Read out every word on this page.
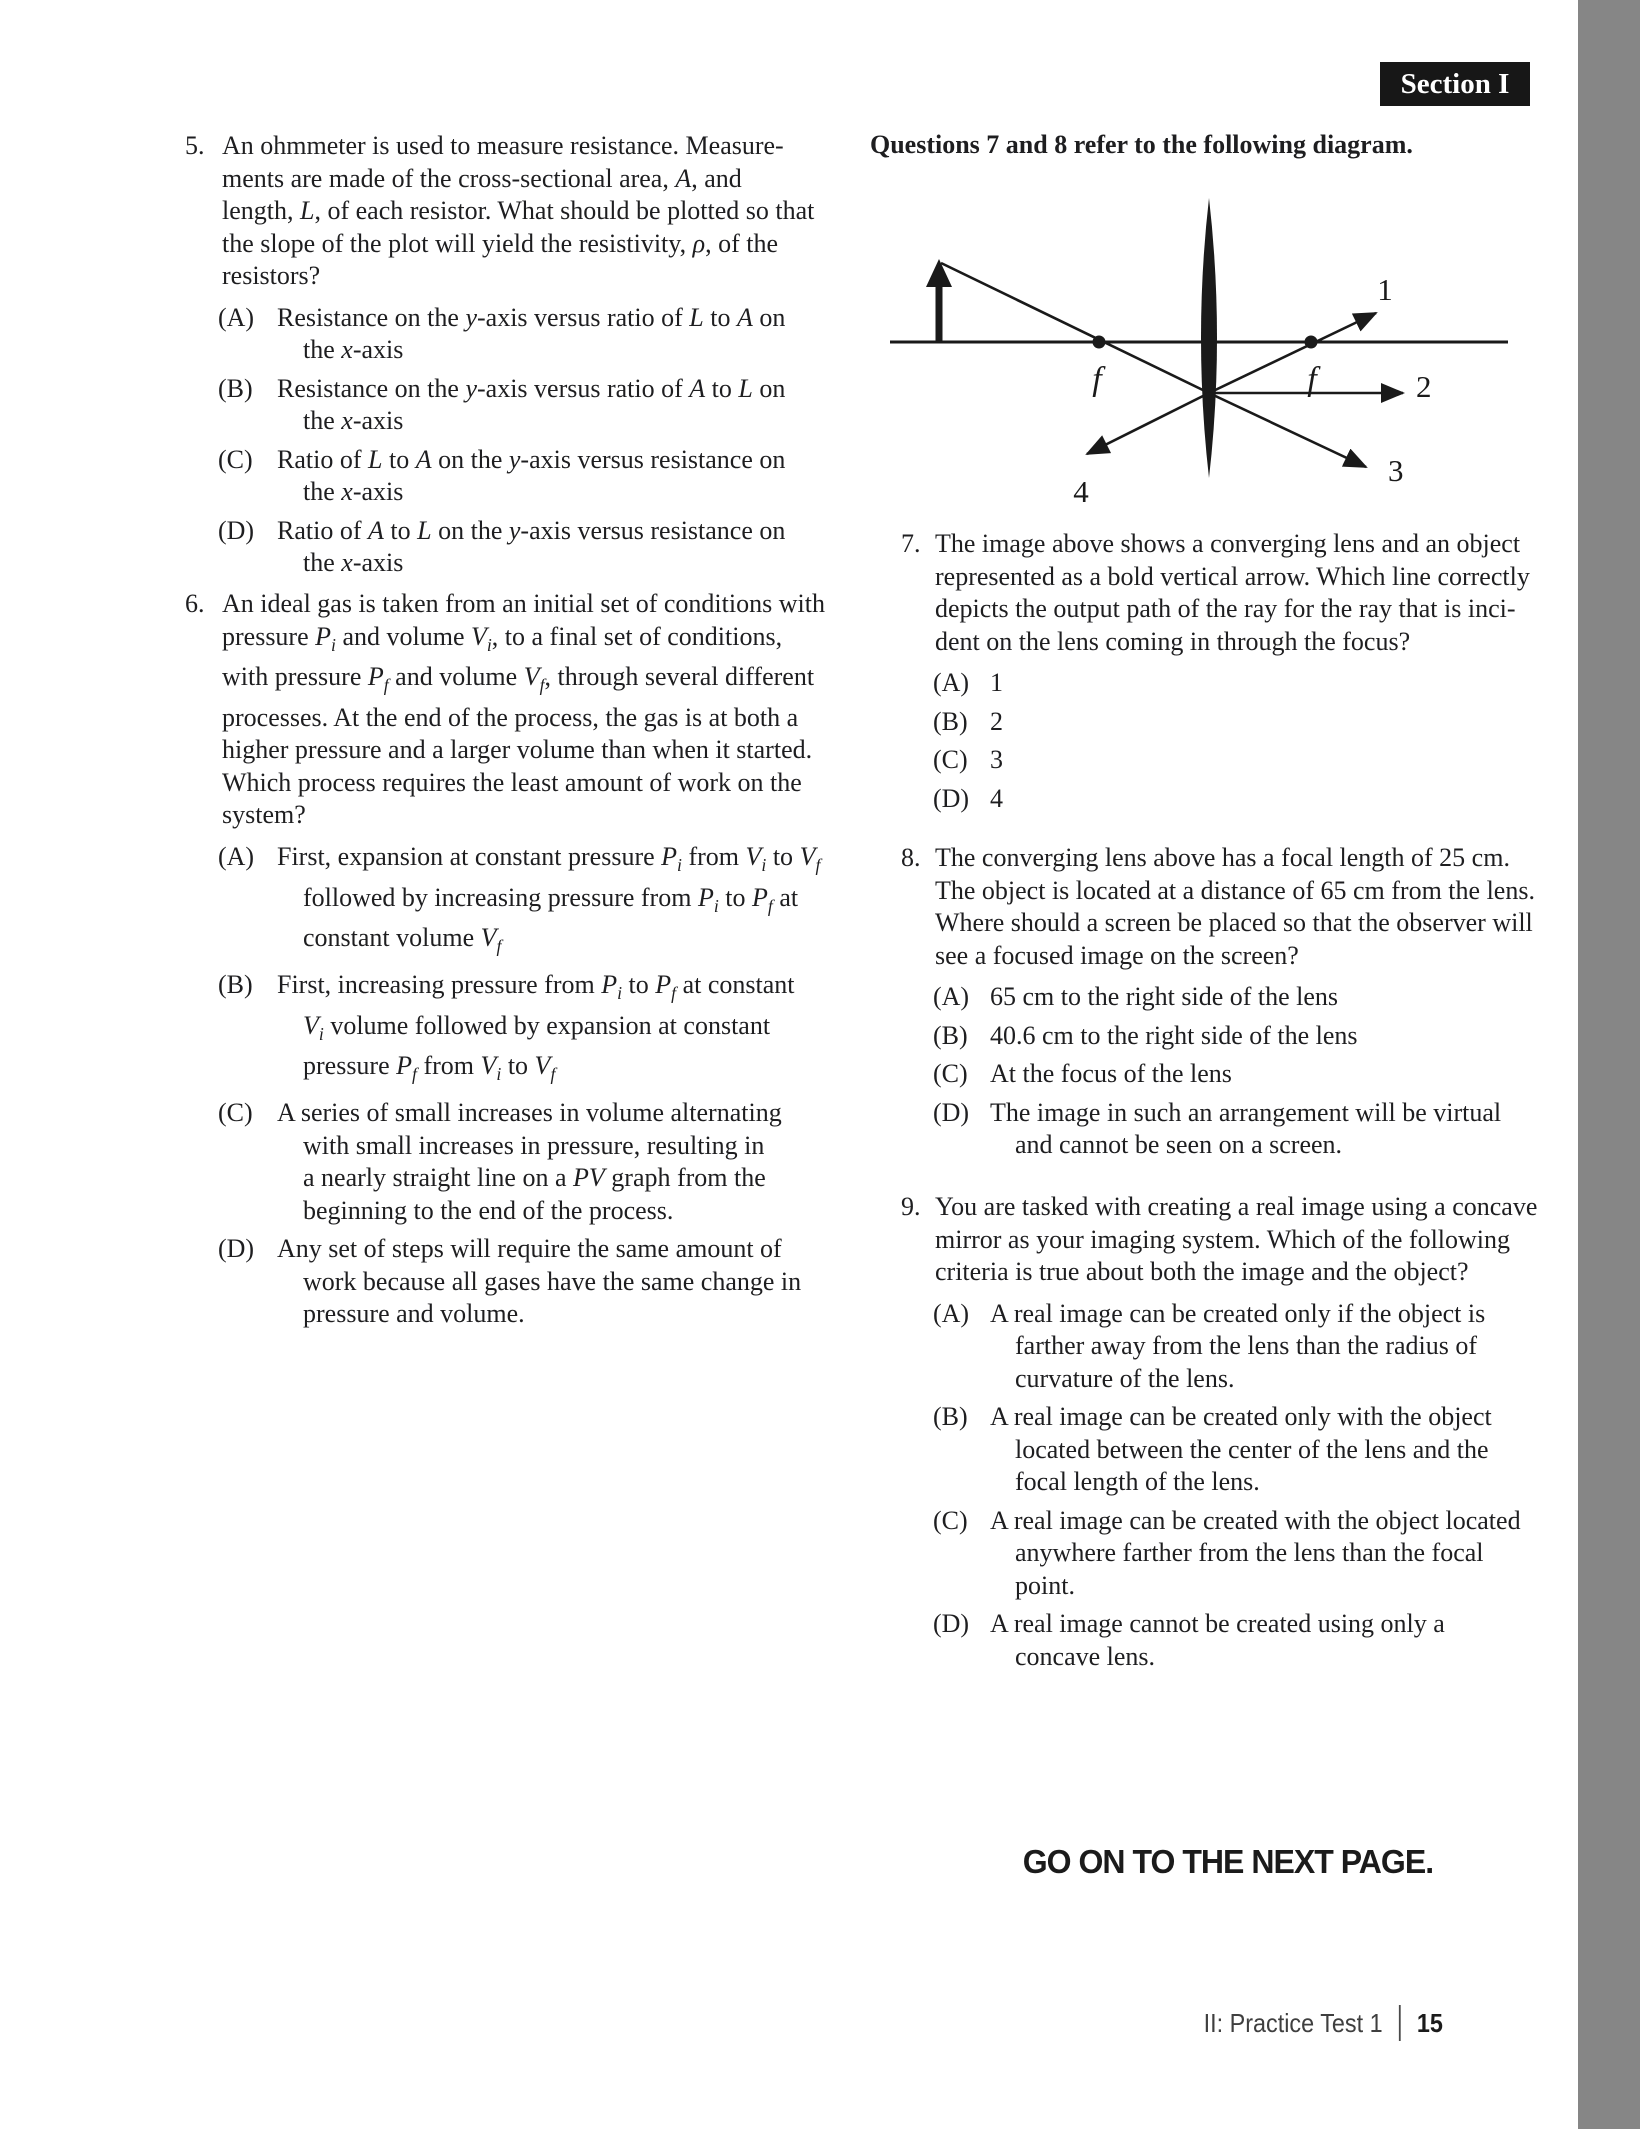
Section I
5. An ohmmeter is used to measure resistance. Measure-
ments are made of the cross-sectional area, A, and
length, L, of each resistor. What should be plotted so that
the slope of the plot will yield the resistivity, ρ, of the
resistors?
(A) Resistance on the y-axis versus ratio of L to A on
the x-axis
(B) Resistance on the y-axis versus ratio of A to L on
the x-axis
(C) Ratio of L to A on the y-axis versus resistance on
the x-axis
(D) Ratio of A to L on the y-axis versus resistance on
the x-axis
6. An ideal gas is taken from an initial set of conditions with
pressure $P_i$ and volume $V_i$, to a final set of conditions,
with pressure $P_f$ and volume $V_f$, through several different
processes. At the end of the process, the gas is at both a
higher pressure and a larger volume than when it started.
Which process requires the least amount of work on the
system?
(A) First, expansion at constant pressure $P_i$ from $V_i$ to $V_f$
followed by increasing pressure from $P_i$ to $P_f$ at
constant volume $V_f$
(B) First, increasing pressure from $P_i$ to $P_f$ at constant
$V_i$ volume followed by expansion at constant
pressure $P_f$ from $V_i$ to $V_f$
(C) A series of small increases in volume alternating
with small increases in pressure, resulting in
a nearly straight line on a PV graph from the
beginning to the end of the process.
(D) Any set of steps will require the same amount of
work because all gases have the same change in
pressure and volume.
Questions 7 and 8 refer to the following diagram.
f	f
1
2
3
4
7. The image above shows a converging lens and an object
represented as a bold vertical arrow. Which line correctly
depicts the output path of the ray for the ray that is inci-
dent on the lens coming in through the focus?
(A) 1
(B) 2
(C) 3
(D) 4
8. The converging lens above has a focal length of 25 cm.
The object is located at a distance of 65 cm from the lens.
Where should a screen be placed so that the observer will
see a focused image on the screen?
(A) 65 cm to the right side of the lens
(B) 40.6 cm to the right side of the lens
(C) At the focus of the lens
(D) The image in such an arrangement will be virtual
and cannot be seen on a screen.
9. You are tasked with creating a real image using a concave
mirror as your imaging system. Which of the following
criteria is true about both the image and the object?
(A) A real image can be created only if the object is
farther away from the lens than the radius of
curvature of the lens.
(B) A real image can be created only with the object
located between the center of the lens and the
focal length of the lens.
(C) A real image can be created with the object located
anywhere farther from the lens than the focal
point.
(D) A real image cannot be created using only a
concave lens.
GO ON TO THE NEXT PAGE.
II: Practice Test 1 15
